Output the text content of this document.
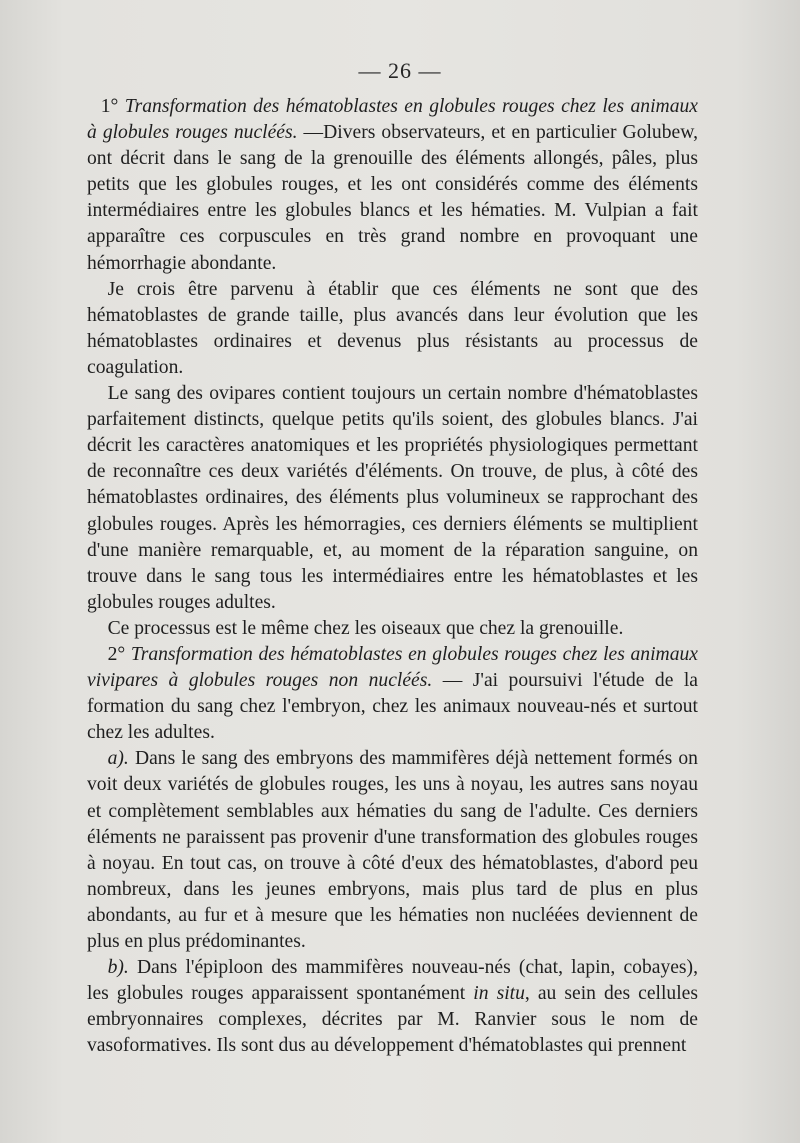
— 26 —

1° Transformation des hématoblastes en globules rouges chez les animaux à globules rouges nucléés. —Divers observateurs, et en particulier Golubew, ont décrit dans le sang de la grenouille des éléments allongés, pâles, plus petits que les globules rouges, et les ont considérés comme des éléments intermédiaires entre les globules blancs et les hématies. M. Vulpian a fait apparaître ces corpuscules en très grand nombre en provoquant une hémorrhagie abondante.

Je crois être parvenu à établir que ces éléments ne sont que des hématoblastes de grande taille, plus avancés dans leur évolution que les hématoblastes ordinaires et devenus plus résistants au processus de coagulation.

Le sang des ovipares contient toujours un certain nombre d'hématoblastes parfaitement distincts, quelque petits qu'ils soient, des globules blancs. J'ai décrit les caractères anatomiques et les propriétés physiologiques permettant de reconnaître ces deux variétés d'éléments. On trouve, de plus, à côté des hématoblastes ordinaires, des éléments plus volumineux se rapprochant des globules rouges. Après les hémorragies, ces derniers éléments se multiplient d'une manière remarquable, et, au moment de la réparation sanguine, on trouve dans le sang tous les intermédiaires entre les hématoblastes et les globules rouges adultes.

Ce processus est le même chez les oiseaux que chez la grenouille.

2° Transformation des hématoblastes en globules rouges chez les animaux vivipares à globules rouges non nucléés. — J'ai poursuivi l'étude de la formation du sang chez l'embryon, chez les animaux nouveau-nés et surtout chez les adultes.

a). Dans le sang des embryons des mammifères déjà nettement formés on voit deux variétés de globules rouges, les uns à noyau, les autres sans noyau et complètement semblables aux hématies du sang de l'adulte. Ces derniers éléments ne paraissent pas provenir d'une transformation des globules rouges à noyau. En tout cas, on trouve à côté d'eux des hématoblastes, d'abord peu nombreux, dans les jeunes embryons, mais plus tard de plus en plus abondants, au fur et à mesure que les hématies non nucléées deviennent de plus en plus prédominantes.

b). Dans l'épiploon des mammifères nouveau-nés (chat, lapin, cobayes), les globules rouges apparaissent spontanément in situ, au sein des cellules embryonnaires complexes, décrites par M. Ranvier sous le nom de vasoformatives. Ils sont dus au développement d'hématoblastes qui prennent
